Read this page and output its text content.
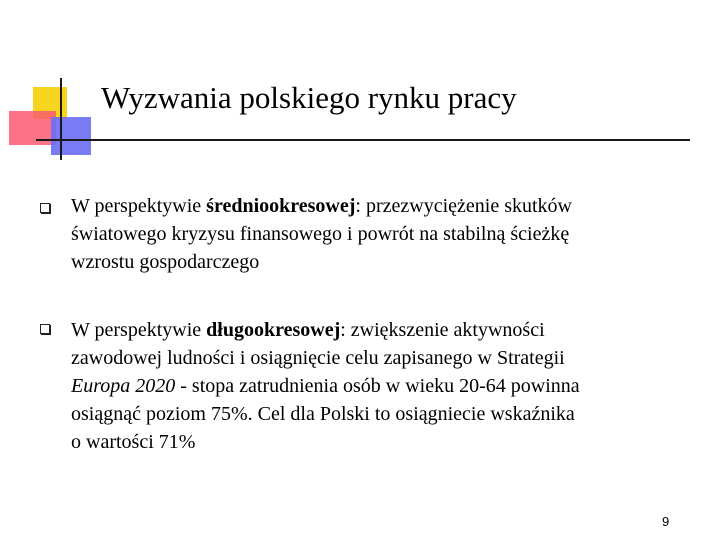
Wyzwania polskiego rynku pracy

W perspektywie średniookresowej: przezwyciężenie skutków
światowego kryzysu finansowego i powrót na stabilną ścieżkę
wzrostu gospodarczego

W perspektywie długookresowej: zwiększenie aktywności
zawodowej ludności i osiągnięcie celu zapisanego w Strategii
Europa 2020 - stopa zatrudnienia osób w wieku 20-64 powinna
osiągnąć poziom 75%. Cel dla Polski to osiągniecie wskaźnika
o wartości 71%

9
